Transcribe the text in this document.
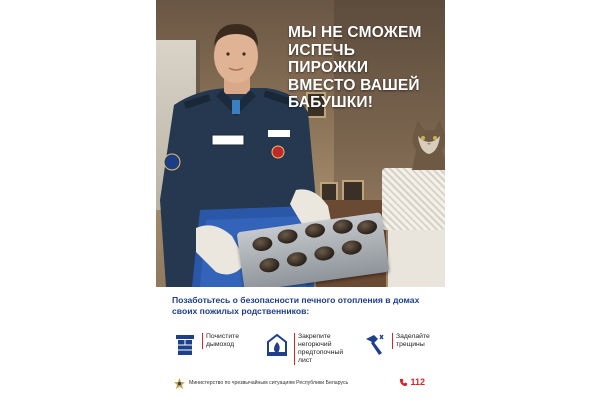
МЫ НЕ СМОЖЕМ ИСПЕЧЬ ПИРОЖКИ ВМЕСТО ВАШЕЙ БАБУШКИ!
Позаботьтесь о безопасности печного отопления в домах своих пожилых родственников:
Почистите дымоход
Закрепите негорючий предтопочный лист
Заделайте трещины
Министерство по чрезвычайным ситуациям Республики Беларусь	112
